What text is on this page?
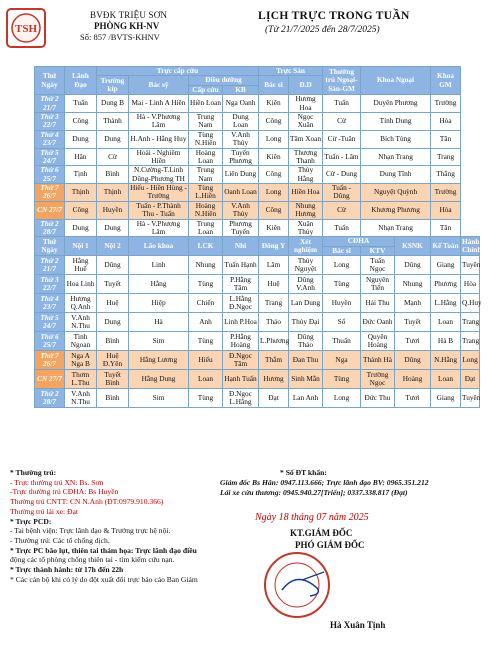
TSH
BVĐK TRIỆU SƠN
PHÒNG KH-NV
Số: 857 /BVTS-KHNV
LỊCH TRỰC TRONG TUẦN
(Từ 21/7/2025 đến 28/7/2025)
Thứ Ngày	Lãnh Đạo	Trực cấp cứu				Trực Sản		Thường trú Ngoại-Sản-GM	Khoa Ngoại		Khoa GM	
		Trưởng kíp	Bác sỹ	Điều dưỡng		Bác sĩ	Đ.D					
				Cấp cứu	KB							
Thứ 2 21/7	Tuấn	Dung B	Mai - Linh A Hiền	Hiền Loan	Nga Oanh	Kiên	Hương Hoa	Tuấn	Duyên Phương		Trường	
Thứ 3 22/7	Công	Thành	Hà - V.Phương Lâm	Trung Nam	Dung Loan	Công	Ngọc Xuân	Cừ	Tỉnh Dung		Hòa	
Thứ 4 23/7	Dung	Dung	H.Anh - Hằng Huy	Tùng N.Hiền	V.Anh Thủy	Long	Tâm Xoan	Cừ -Tuân	Bích Tùng		Tân	
Thứ 5 24/7	Hân	Cừ	Hoài - Nghiêm Hiền	Hoàng Loan	Tuyến Phương	Kiên	Thương Thanh	Tuấn - Lâm	Nhạn Trang		Trang	
Thứ 6 25/7	Tịnh	Bình	N.Cường-T.Linh Dũng-Phương TH	Trung Nam	Liên Dung	Công	Thủy Hằng	Cừ - Dung	Dung Tĩnh		Thắng	
Thứ 7 26/7	Thịnh	Thịnh	Hiếu - Hiền Hùng - Trường	Tùng L.Hiền	Oanh Loan	Long	Hiền Hoa	Tuấn - Dũng	Nguyệt Quỳnh		Trường	
CN 27/7	Công	Huyền	Tuấn - P.Thành Thu - Tuấn	Hoàng N.Hiền	V.Anh Thủy	Công	Nhung Hương	Cừ	Khương Phương		Hòa	
Thứ 2 28/7	Dung	Dung	Hà - V.Phương Lâm	Trung Loan	Phương Tuyến	Kiên	Xuân Thủy	Tuấn	Nhạn Trang		Tân	
Thứ Ngày	Nội 1	Nội 2	Lão khoa	LCK	Nhi	Đông Y	Xét nghiệm	CĐHA		KSNK	Kế Toán	Hành Chính
								Bác sĩ	KTV			
Thứ 2 21/7	Hằng Huế	Dũng	Linh	Nhung	Tuấn Hạnh	Lâm	Thủy Nguyệt	Long	Tuấn Ngọc	Dũng	Giang	Tuyên
Thứ 3 22/7	Hoa Linh	Tuyết	Hằng	Tùng	P.Hằng Tâm	Huệ	Dũng V.Anh	Tùng	Nguyên Tiến	Nhung	Phương	Hòa
Thứ 4 23/7	Hương Q.Anh	Huệ	Hiệp	Chiến	L.Hằng Đ.Ngọc	Trang	Lan Dung	Huyền	Hải Thu	Mạnh	L.Hằng	Q.Huy
Thứ 5 24/7	V.Anh N.Thu	Dung	Hà	Anh	Linh P.Hoa	Thảo	Thủy Đại	Số	Đức Oanh	Tuyết	Loan	Trang
Thứ 6 25/7	Tình Ngoan	Bình	Sim	Tùng	P.Hằng Hoàng	L.Phương	Dũng Thảo	Thuấn	Quyên Hoàng	Tươi	Hà B	Trang
Thứ 7 26/7	Nga A Nga B	Huệ Đ.Yên	Hằng Lương	Hiếu	Đ.Ngọc Tâm	Thắm	Đan Thu	Nga	Thành Hà	Dũng	N.Hằng	Long
CN 27/7	Thơm L.Thu	Tuyết Bình	Hằng Dung	Loan	Hạnh Tuấn	Hương	Sinh Mẫn	Tùng	Trường Ngọc	Hoàng	Loan	Đạt
Thứ 2 28/7	V.Anh N.Thu	Bình	Sim	Tùng	Đ.Ngọc L.Hằng	Đạt	Lan Anh	Long	Đức Thu	Tươi	Giang	Tuyên
* Thường trú:
- Trực thường trú XN: Bs. Sơn
-Trực thường trú CĐHA: Bs Huyền
Thường trú CNTT: CN N.Anh (ĐT:0979.910.366)
Thường trú lái xe: Đạt
* Trực PCD:
- Tai bệnh viện: Trực lãnh đạo & Trưởng trực hệ nội.
- Thường trú: Các tổ chống dịch.
* Trực PC bão lụt, thiên tai thảm họa: Trực lãnh đạo điều
động các tổ phòng chống thiên tai - tìm kiếm cứu nạn.
* Trực thành hành: từ 17h đến 22h
* Các cán bộ khi có lý do đột xuất đổi trực báo cáo Ban Giám
* Số ĐT khẩn:
Giám đốc Bs Hân: 0947.113.666; Trực lãnh đạo BV: 0965.351.212
Lái xe cứu thương: 0945.940.27[Triển]; 0337.338.817 (Đạt)
Ngày 18 tháng 07 năm 2025
KT.GIÁM ĐỐC
PHÓ GIÁM ĐỐC
Hà Xuân Tịnh
